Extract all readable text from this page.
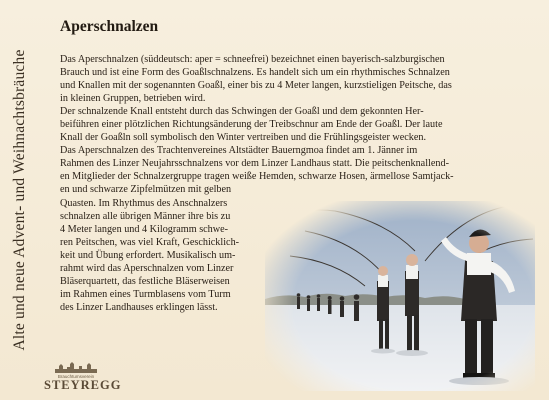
Alte und neue Advent- und Weihnachtsbräuche
Brauchtumsverein
STEYREGG
Aperschnalzen

Das Aperschnalzen (süddeutsch: aper = schneefrei) bezeichnet einen bayerisch-salzburgischen

Brauch und ist eine Form des Goaßlschnalzens. Es handelt sich um ein rhythmisches Schnalzen

und Knallen mit der sogenannten Goaßl, einer bis zu 4 Meter langen, kurzstieligen Peitsche, das

in kleinen Gruppen, betrieben wird.

Der schnalzende Knall entsteht durch das Schwingen der Goaßl und dem gekonnten Her-

beiführen einer plötzlichen Richtungsänderung der Treibschnur am Ende der Goaßl. Der laute

Knall der Goaßln soll symbolisch den Winter vertreiben und die Frühlingsgeister wecken.

Das Aperschnalzen des Trachtenvereines Altstädter Bauerngmoa findet am 1. Jänner im

Rahmen des Linzer Neujahrsschnalzens vor dem Linzer Landhaus statt. Die peitschenknallend-

en Mitglieder der Schnalzergruppe tragen weiße Hemden, schwarze Hosen, ärmellose Samtjack-

en und schwarze Zipfelmützen mit gelben

Quasten. Im Rhythmus des Anschnalzers

schnalzen alle übrigen Männer ihre bis zu

4 Meter langen und 4 Kilogramm schwe-

ren Peitschen, was viel Kraft, Geschicklich-

keit und Übung erfordert. Musikalisch um-

rahmt wird das Aperschnalzen vom Linzer

Bläserquartett, das festliche Bläserweisen

im Rahmen eines Turmblasens vom Turm

des Linzer Landhauses erklingen lässt.
